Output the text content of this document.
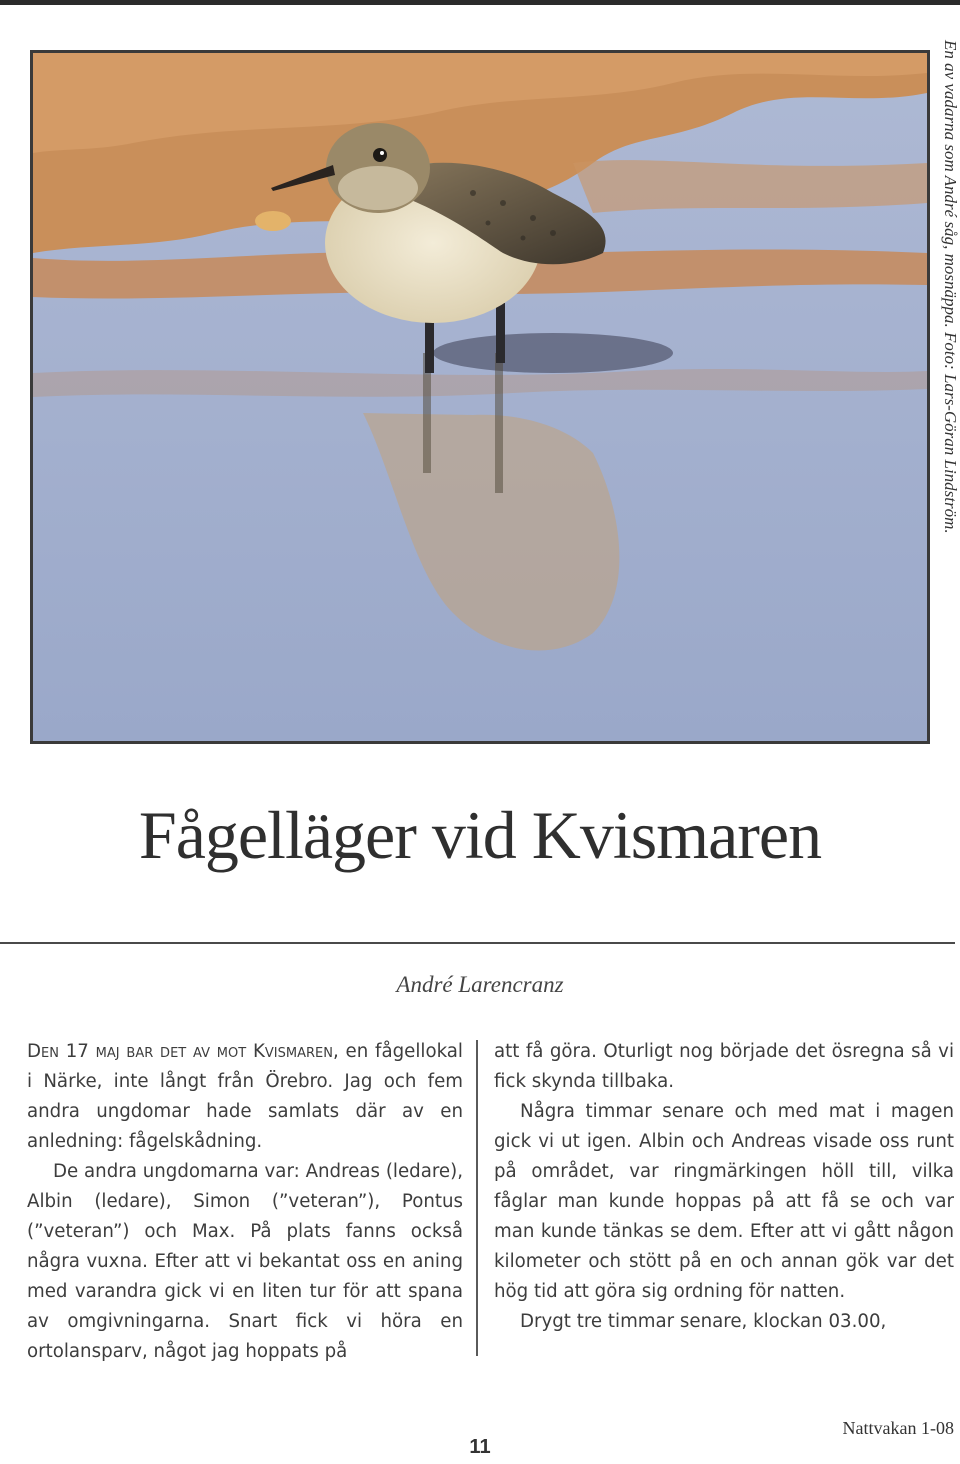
En av vadarna som André såg, mosnäppa. Foto: Lars-Göran Lindström.
Fågelläger vid Kvismaren
André Larencranz

Den 17 maj bar det av mot Kvismaren, en fågellokal i Närke, inte långt från Örebro. Jag och fem andra ungdomar hade samlats där av en anledning: fågelskådning.

De andra ungdomarna var: Andreas (ledare), Albin (ledare), Simon (”veteran”), Pontus (”veteran”) och Max. På plats fanns också några vuxna. Efter att vi bekantat oss en aning med varandra gick vi en liten tur för att spana av omgivningarna. Snart fick vi höra en ortolansparv, något jag hoppats på

att få göra. Oturligt nog började det ösregna så vi fick skynda tillbaka.

Några timmar senare och med mat i magen gick vi ut igen. Albin och Andreas visade oss runt på området, var ringmärkingen höll till, vilka fåglar man kunde hoppas på att få se och var man kunde tänkas se dem. Efter att vi gått någon kilometer och stött på en och annan gök var det hög tid att göra sig ordning för natten.

Drygt tre timmar senare, klockan 03.00,

11
Nattvakan 1-08
